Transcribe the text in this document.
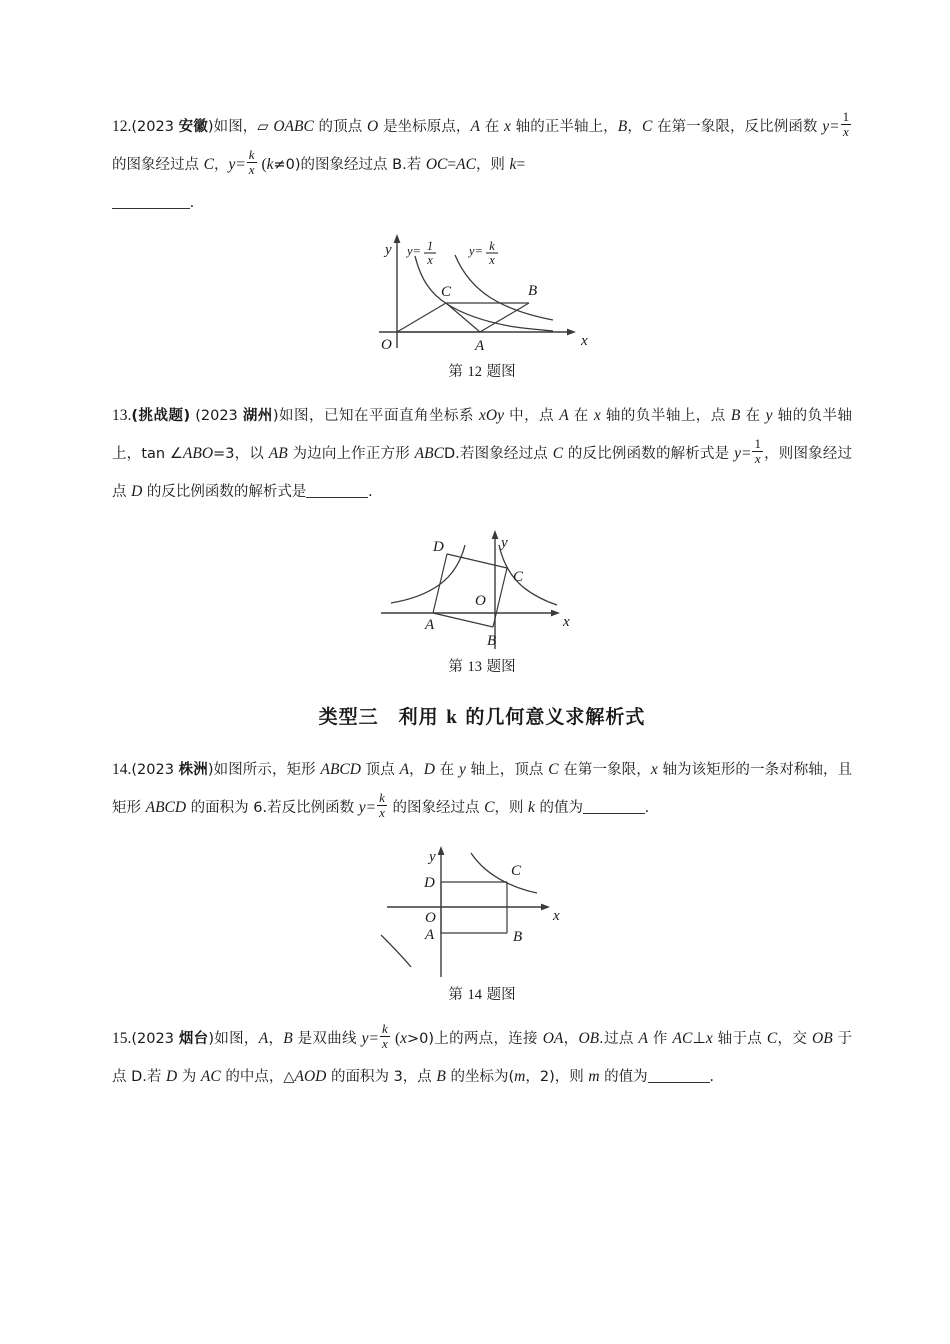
12.(2023 安徽)如图，▱ OABC 的顶点 O 是坐标原点，A 在 x 轴的正半轴上，B，C 在第一象限，反比例函数 $y= \frac{1}{x}$
的图象经过点 C，$y= \frac{k}{x} (k\ne 0)$的图象经过点 B.若 OC=AC，则 k=
.

y
x
O	A
B
C
y= 1
x
y= k
x
第 12 题图

13.(挑战题) (2023 湖州)如图，已知在平面直角坐标系 xOy 中，点 A 在 x 轴的负半轴上，点 B 在 y 轴的负半轴上，tan ∠ABO=3，以 AB 为边向上作正方形 ABCD.若图象经过点 C 的反比例函数的解析式是 $y= \frac{1}{x}$ ，则图象经过点 D 的反比例函数的解析式是	.

y
x
O
A
B
C
D
第 13 题图
类型三　 利用 k 的几何意义求解析式

14.(2023 株洲)如图所示，矩形 ABCD 顶点 A，D 在 y 轴上，顶点 C 在第一象限，x 轴为该矩形的一条对称轴，且矩形 ABCD 的面积为 6.若反比例函数 $y= \frac{k}{x}$ 的图象经过点 C，则 k 的值为	.

y
x
O
A	B
C
D
第 14 题图

15.(2023 烟台)如图，A，B 是双曲线 $y= \frac{k}{x} (x>0)$上的两点，连接 OA，OB.过点 A 作 AC⊥x 轴于点 C，交 OB 于点 D.若 D 为 AC 的中点，△AOD 的面积为 3，点 B 的坐标为(m，2)，则 m 的值为	.
